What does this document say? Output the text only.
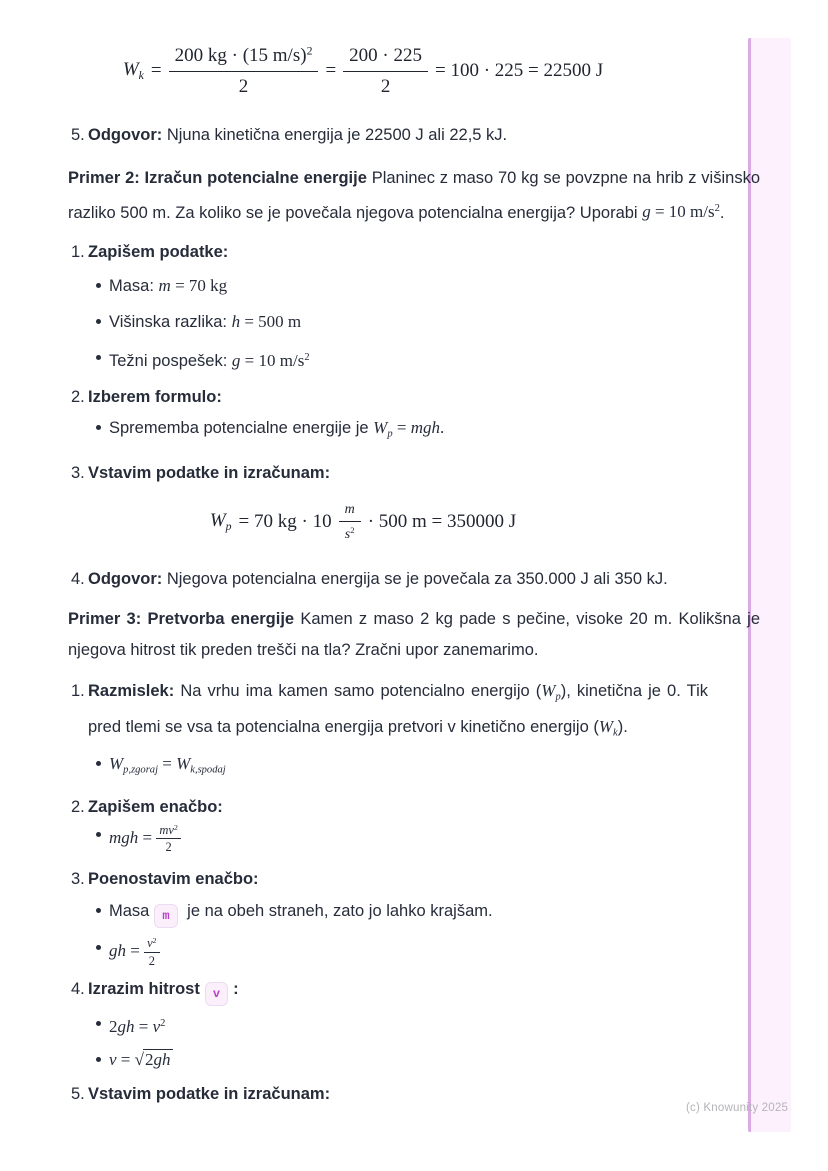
(c) Knowunity 2025
$W_k = \frac{200 kg \cdot (15 m/s)^2}{2} = \frac{200 \cdot 225}{2} = 100 \cdot 225 = 22500$ J
5. Odgovor: Njuna kinetična energija je 22500 J ali 22,5 kJ.
Primer 2: Izračun potencialne energije Planinec z maso 70 kg se povzpne na hrib z višinsko razliko 500 m. Za koliko se je povečala njegova potencialna energija? Uporabi g = 10 $m/s^2$.
1. Zapišem podatke:
Masa: m = 70 kg
Višinska razlika: h = 500 m
Težni pospešek: g = 10 $m/s^2$
2. Izberem formulo:
Sprememba potencialne energije je $W_p$ = mgh.
3. Vstavim podatke in izračunam:
$W_p = 70$ kg · $10 \frac{m}{s^2} \cdot 500$ m = 350000 J
4. Odgovor: Njegova potencialna energija se je povečala za 350.000 J ali 350 kJ.
Primer 3: Pretvorba energije Kamen z maso 2 kg pade s pečine, visoke 20 m. Kolikšna je njegova hitrost tik preden trešči na tla? Zračni upor zanemarimo.
1. Razmislek: Na vrhu ima kamen samo potencialno energijo $(W_p)$, kinetična je 0. Tik pred tlemi se vsa ta potencialna energija pretvori v kinetično energijo $(W_k)$.
$W_{p,zgoraj} = W_{k,spodaj}$
2. Zapišem enačbo:
mgh = $\frac{mv^2}{2}$
3. Poenostavim enačbo:
Masa m je na obeh straneh, zato jo lahko krajšam.
gh = $\frac{v^2}{2}$
4. Izrazim hitrost v :
$2gh = v^2$
v = √2gh
5. Vstavim podatke in izračunam:
